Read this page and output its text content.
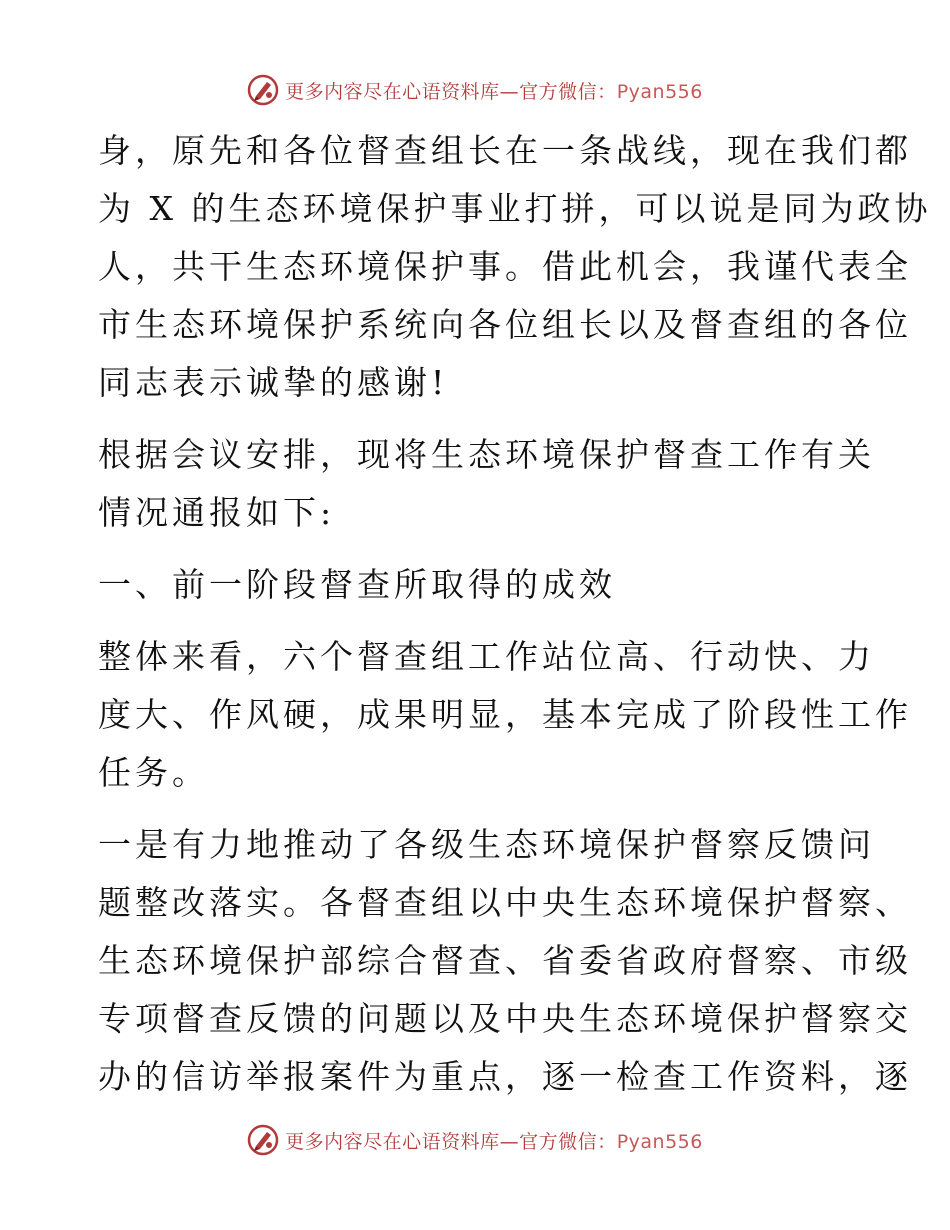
更多内容尽在心语资料库—官方微信：Pyan556

身，原先和各位督查组长在一条战线，现在我们都
为 X 的生态环境保护事业打拼，可以说是同为政协
人，共干生态环境保护事。借此机会，我谨代表全
市生态环境保护系统向各位组长以及督查组的各位
同志表示诚挚的感谢!

根据会议安排，现将生态环境保护督查工作有关
情况通报如下:

一、前一阶段督查所取得的成效

整体来看，六个督查组工作站位高、行动快、力
度大、作风硬，成果明显，基本完成了阶段性工作
任务。

一是有力地推动了各级生态环境保护督察反馈问
题整改落实。各督查组以中央生态环境保护督察、
生态环境保护部综合督查、省委省政府督察、市级
专项督查反馈的问题以及中央生态环境保护督察交
办的信访举报案件为重点，逐一检查工作资料，逐

更多内容尽在心语资料库—官方微信：Pyan556
